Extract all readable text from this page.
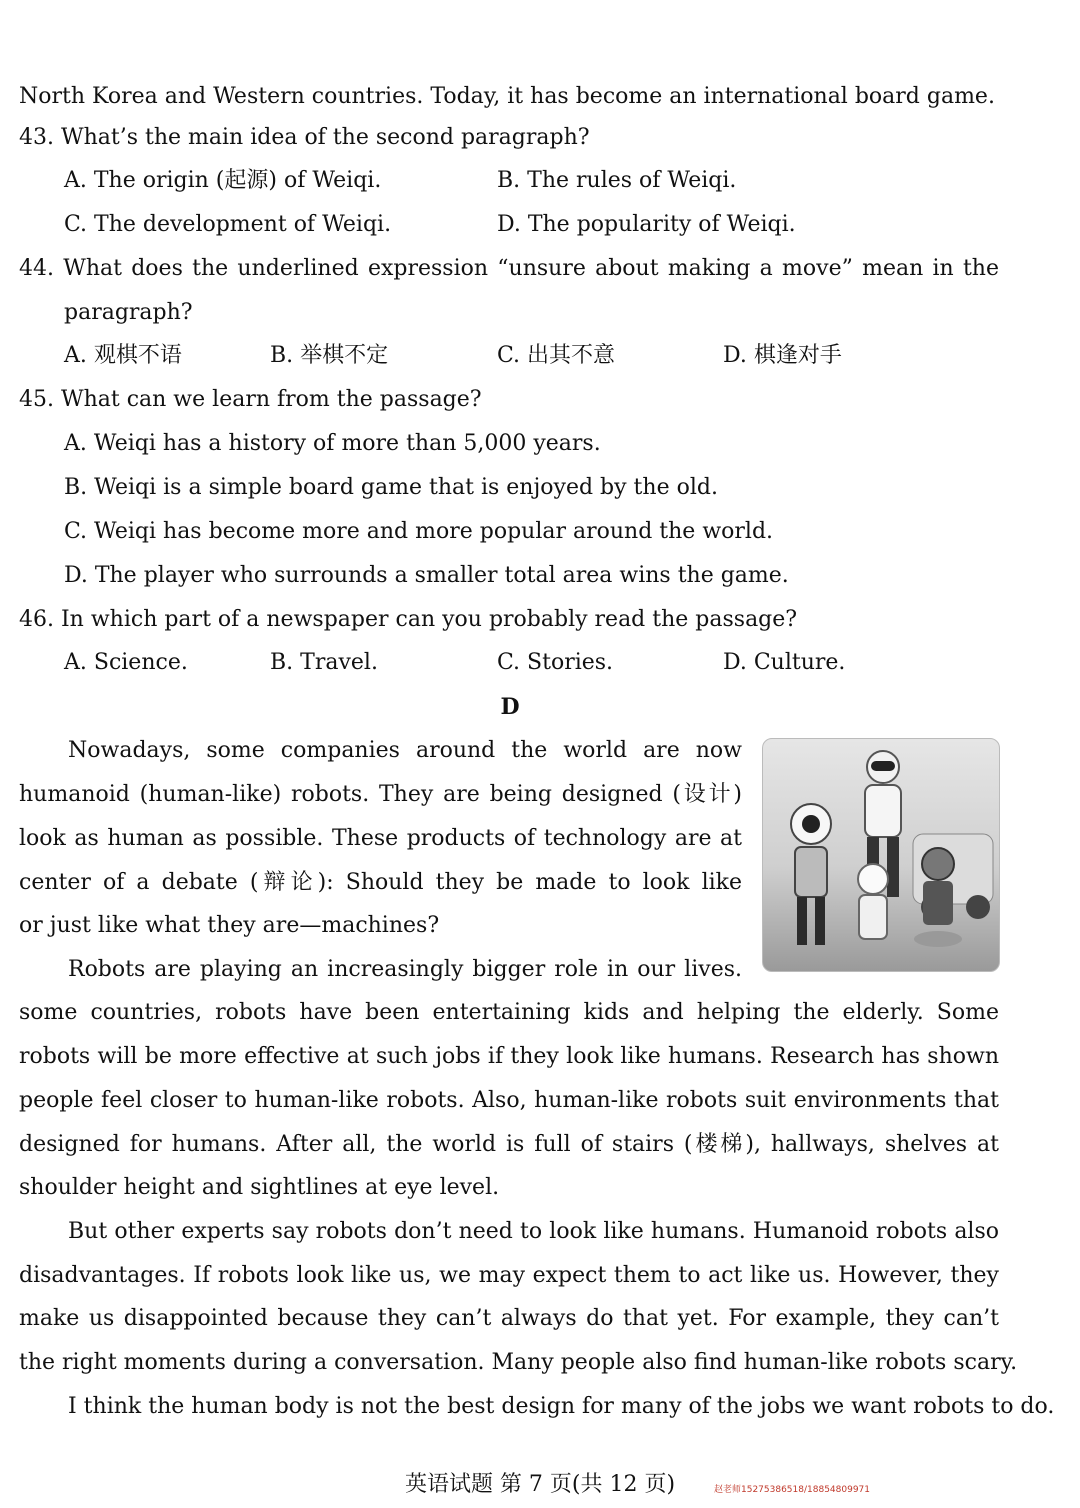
North Korea and Western countries. Today, it has become an international board game.
43. What’s the main idea of the second paragraph?
A. The origin (起源) of Weiqi.	B. The rules of Weiqi.
C. The development of Weiqi.	D. The popularity of Weiqi.
44. What does the underlined expression “unsure about making a move” mean in the
paragraph?
A. 观棋不语	B. 举棋不定	C. 出其不意	D. 棋逢对手
45. What can we learn from the passage?
A. Weiqi has a history of more than 5,000 years.
B. Weiqi is a simple board game that is enjoyed by the old.
C. Weiqi has become more and more popular around the world.
D. The player who surrounds a smaller total area wins the game.
46. In which part of a newspaper can you probably read the passage?
A. Science.	B. Travel.	C. Stories.	D. Culture.
D
Nowadays, some companies around the world are now
humanoid (human-like) robots. They are being designed (设计)
look as human as possible. These products of technology are at
center of a debate (辩论): Should they be made to look like
or just like what they are—machines?
Robots are playing an increasingly bigger role in our lives.
some countries, robots have been entertaining kids and helping the elderly. Some
robots will be more effective at such jobs if they look like humans. Research has shown
people feel closer to human-like robots. Also, human-like robots suit environments that
designed for humans. After all, the world is full of stairs (楼梯), hallways, shelves at
shoulder height and sightlines at eye level.
But other experts say robots don’t need to look like humans. Humanoid robots also
disadvantages. If robots look like us, we may expect them to act like us. However, they
make us disappointed because they can’t always do that yet. For example, they can’t
the right moments during a conversation. Many people also find human-like robots scary.
I think the human body is not the best design for many of the jobs we want robots to do.
英语试题 第 7 页(共 12 页)	赵老师15275386518/18854809971
